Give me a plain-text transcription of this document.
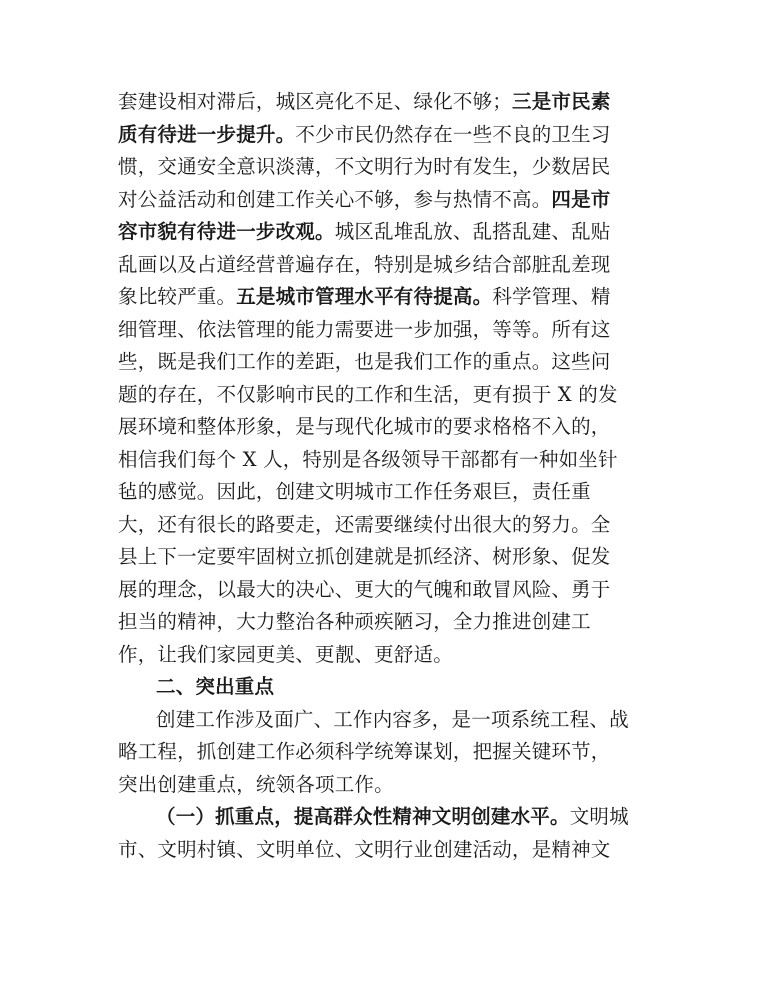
套建设相对滞后，城区亮化不足、绿化不够；三是市民素
质有待进一步提升。不少市民仍然存在一些不良的卫生习
惯，交通安全意识淡薄，不文明行为时有发生，少数居民
对公益活动和创建工作关心不够，参与热情不高。四是市
容市貌有待进一步改观。城区乱堆乱放、乱搭乱建、乱贴
乱画以及占道经营普遍存在，特别是城乡结合部脏乱差现
象比较严重。五是城市管理水平有待提高。科学管理、精
细管理、依法管理的能力需要进一步加强，等等。所有这
些，既是我们工作的差距，也是我们工作的重点。这些问
题的存在，不仅影响市民的工作和生活，更有损于 X 的发
展环境和整体形象，是与现代化城市的要求格格不入的，
相信我们每个 X 人，特别是各级领导干部都有一种如坐针
毡的感觉。因此，创建文明城市工作任务艰巨，责任重
大，还有很长的路要走，还需要继续付出很大的努力。全
县上下一定要牢固树立抓创建就是抓经济、树形象、促发
展的理念，以最大的决心、更大的气魄和敢冒风险、勇于
担当的精神，大力整治各种顽疾陋习，全力推进创建工
作，让我们家园更美、更靓、更舒适。
二、突出重点
创建工作涉及面广、工作内容多，是一项系统工程、战
略工程，抓创建工作必须科学统筹谋划，把握关键环节，
突出创建重点，统领各项工作。
（一）抓重点，提高群众性精神文明创建水平。文明城
市、文明村镇、文明单位、文明行业创建活动，是精神文
